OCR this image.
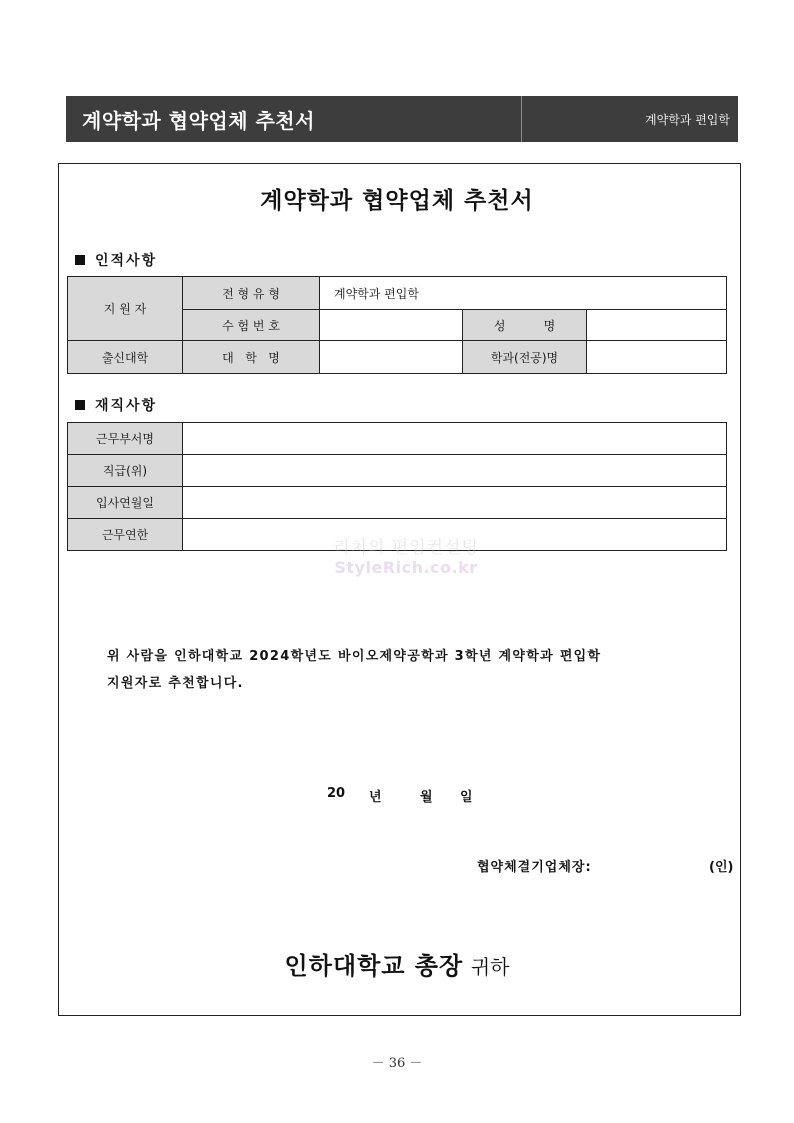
계약학과 협약업체 추천서	계약학과 편입학
계약학과 협약업체 추천서
인적사항
지 원 자	전 형 유 형	계약학과 편입학		
	수 험 번 호		성          명	
출신대학	대   학   명		학과(전공)명	
재직사항
근무부서명	
직급(위)	
입사연월일	
근무연한	
리치의 편입컨설팅
StyleRich.co.kr
위 사람을 인하대학교 2024학년도 바이오제약공학과 3학년 계약학과 편입학
지원자로 추천합니다.
20 년	월 일
협약체결기업체장:	(인)
인하대학교 총장 귀하
－ 36 －
